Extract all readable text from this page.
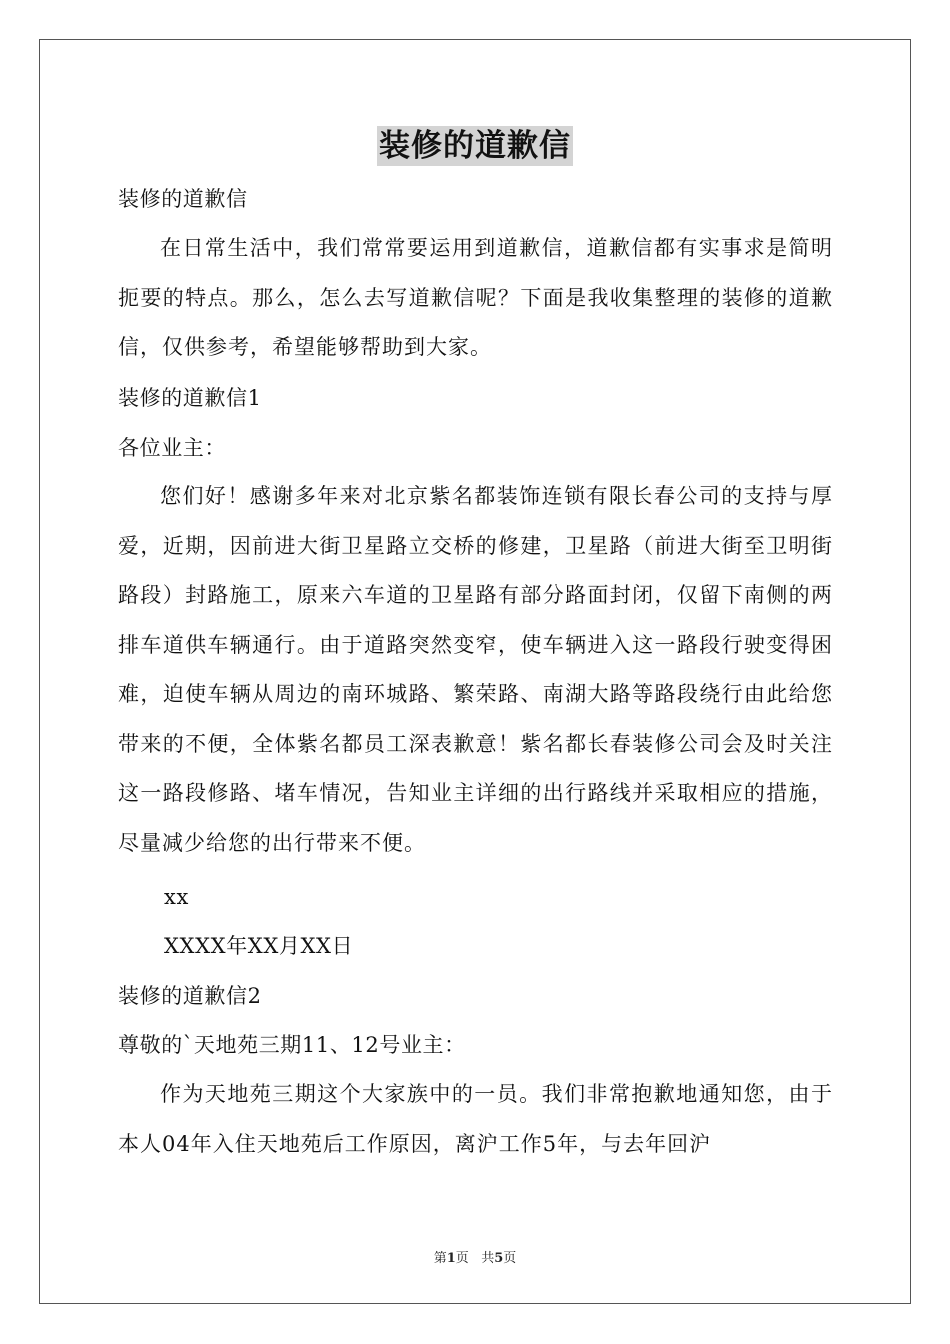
装修的道歉信
装修的道歉信
在日常生活中，我们常常要运用到道歉信，道歉信都有实事求是简明扼要的特点。那么，怎么去写道歉信呢？下面是我收集整理的装修的道歉信，仅供参考，希望能够帮助到大家。
装修的道歉信1
各位业主：
您们好！感谢多年来对北京紫名都装饰连锁有限长春公司的支持与厚爱，近期，因前进大街卫星路立交桥的修建，卫星路（前进大街至卫明街路段）封路施工，原来六车道的卫星路有部分路面封闭，仅留下南侧的两排车道供车辆通行。由于道路突然变窄，使车辆进入这一路段行驶变得困难，迫使车辆从周边的南环城路、繁荣路、南湖大路等路段绕行由此给您带来的不便，全体紫名都员工深表歉意！紫名都长春装修公司会及时关注这一路段修路、堵车情况，告知业主详细的出行路线并采取相应的措施，尽量减少给您的出行带来不便。
xx
XXXX年XX月XX日
装修的道歉信2
尊敬的`天地苑三期11、12号业主：
作为天地苑三期这个大家族中的一员。我们非常抱歉地通知您，由于本人04年入住天地苑后工作原因，离沪工作5年，与去年回沪
第1页 共5页
